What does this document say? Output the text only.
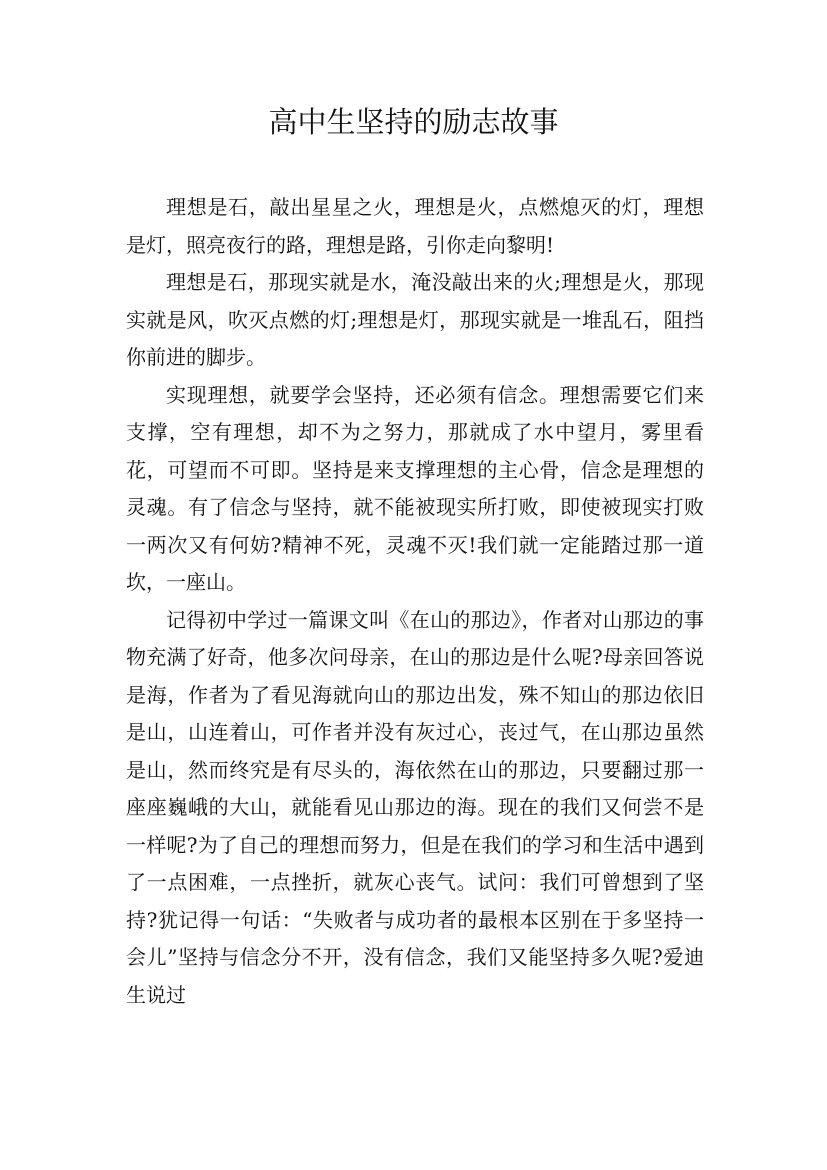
高中生坚持的励志故事

理想是石，敲出星星之火，理想是火，点燃熄灭的灯，理想是灯，照亮夜行的路，理想是路，引你走向黎明!

理想是石，那现实就是水，淹没敲出来的火;理想是火，那现实就是风，吹灭点燃的灯;理想是灯，那现实就是一堆乱石，阻挡你前进的脚步。

实现理想，就要学会坚持，还必须有信念。理想需要它们来支撑，空有理想，却不为之努力，那就成了水中望月，雾里看花，可望而不可即。坚持是来支撑理想的主心骨，信念是理想的灵魂。有了信念与坚持，就不能被现实所打败，即使被现实打败一两次又有何妨?精神不死，灵魂不灭!我们就一定能踏过那一道坎，一座山。

记得初中学过一篇课文叫《在山的那边》，作者对山那边的事物充满了好奇，他多次问母亲，在山的那边是什么呢?母亲回答说是海，作者为了看见海就向山的那边出发，殊不知山的那边依旧是山，山连着山，可作者并没有灰过心，丧过气，在山那边虽然是山，然而终究是有尽头的，海依然在山的那边，只要翻过那一座座巍峨的大山，就能看见山那边的海。现在的我们又何尝不是一样呢?为了自己的理想而努力，但是在我们的学习和生活中遇到了一点困难，一点挫折，就灰心丧气。试问：我们可曾想到了坚持?犹记得一句话：“失败者与成功者的最根本区别在于多坚持一会儿”坚持与信念分不开，没有信念，我们又能坚持多久呢?爱迪生说过
